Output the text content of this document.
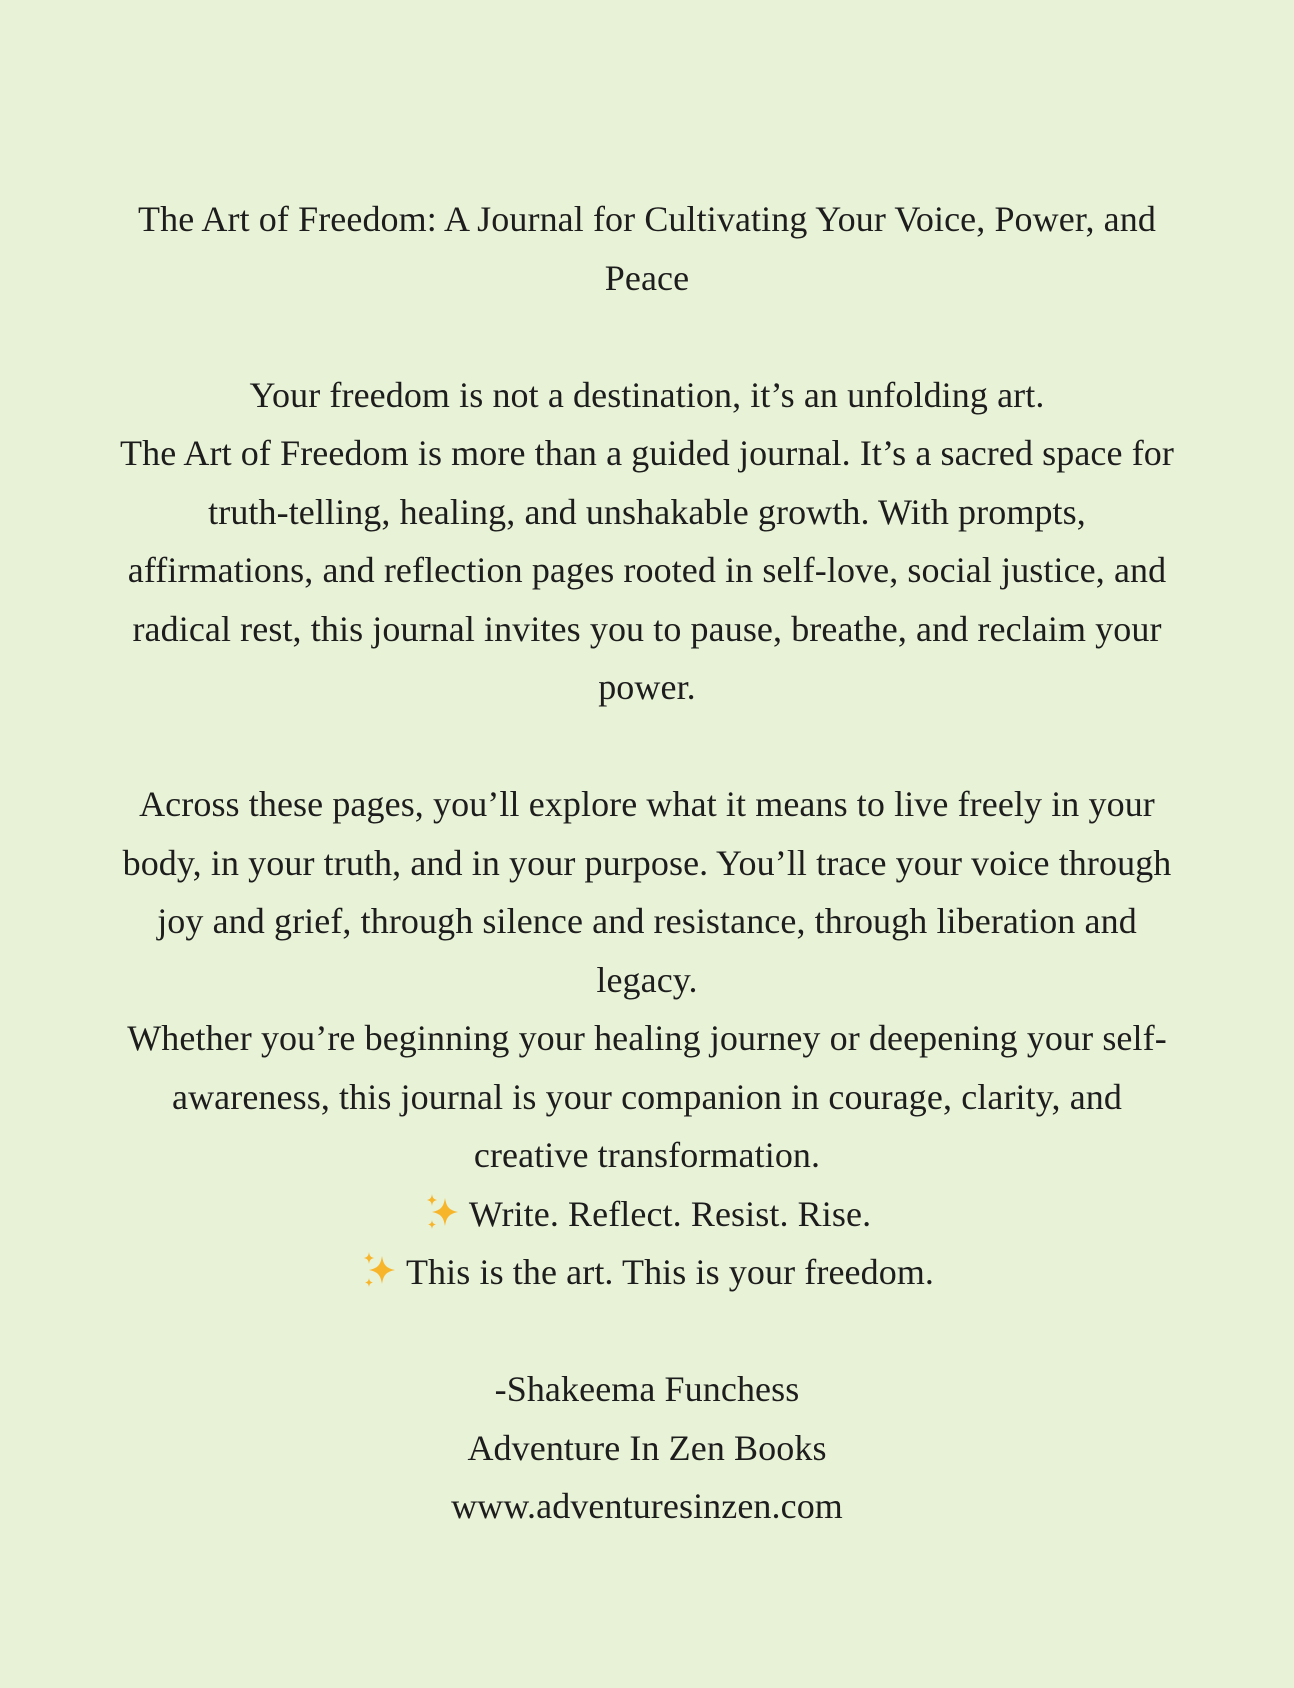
The Art of Freedom: A Journal for Cultivating Your Voice, Power, and Peace

Your freedom is not a destination, it’s an unfolding art.

The Art of Freedom is more than a guided journal. It’s a sacred space for truth-telling, healing, and unshakable growth. With prompts, affirmations, and reflection pages rooted in self-love, social justice, and radical rest, this journal invites you to pause, breathe, and reclaim your power.

Across these pages, you’ll explore what it means to live freely in your body, in your truth, and in your purpose. You’ll trace your voice through joy and grief, through silence and resistance, through liberation and legacy.

Whether you’re beginning your healing journey or deepening your self-awareness, this journal is your companion in courage, clarity, and creative transformation.

Write. Reflect. Resist. Rise.

This is the art. This is your freedom.

-Shakeema Funchess

Adventure In Zen Books

www.adventuresinzen.com
